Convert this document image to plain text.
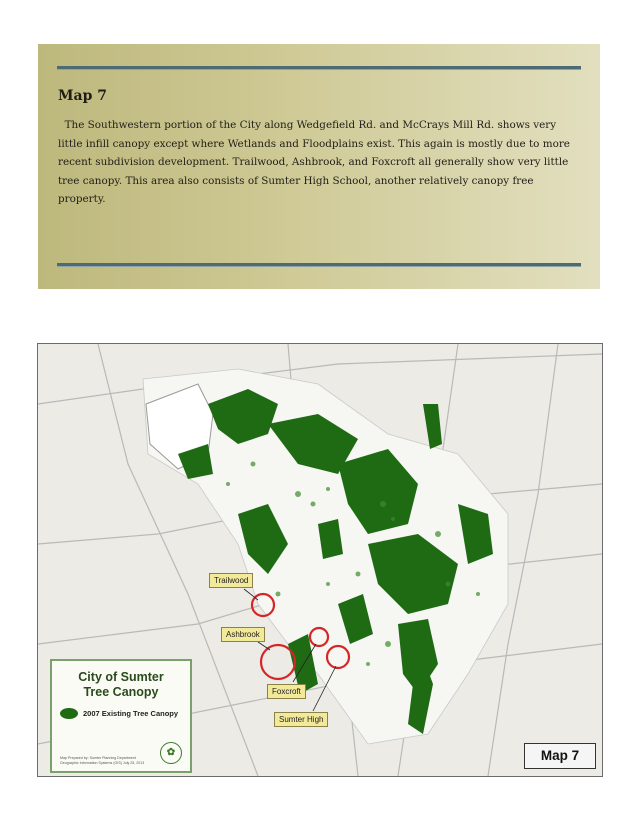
Map 7
The Southwestern portion of the City along Wedgefield Rd. and McCrays Mill Rd. shows very
little infill canopy except where Wetlands and Floodplains exist. This again is mostly due to more
recent subdivision development. Trailwood, Ashbrook, and Foxcroft all generally show very little
tree canopy. This area also consists of Sumter High School, another relatively canopy free
property.
Trailwood
Ashbrook
Foxcroft
Sumter High
City of Sumter
Tree Canopy
2007 Existing Tree Canopy
Map Prepared by: Sumter Planning Department Geographic Information Systems (GIS) July 25, 2013
✿	Map 7
